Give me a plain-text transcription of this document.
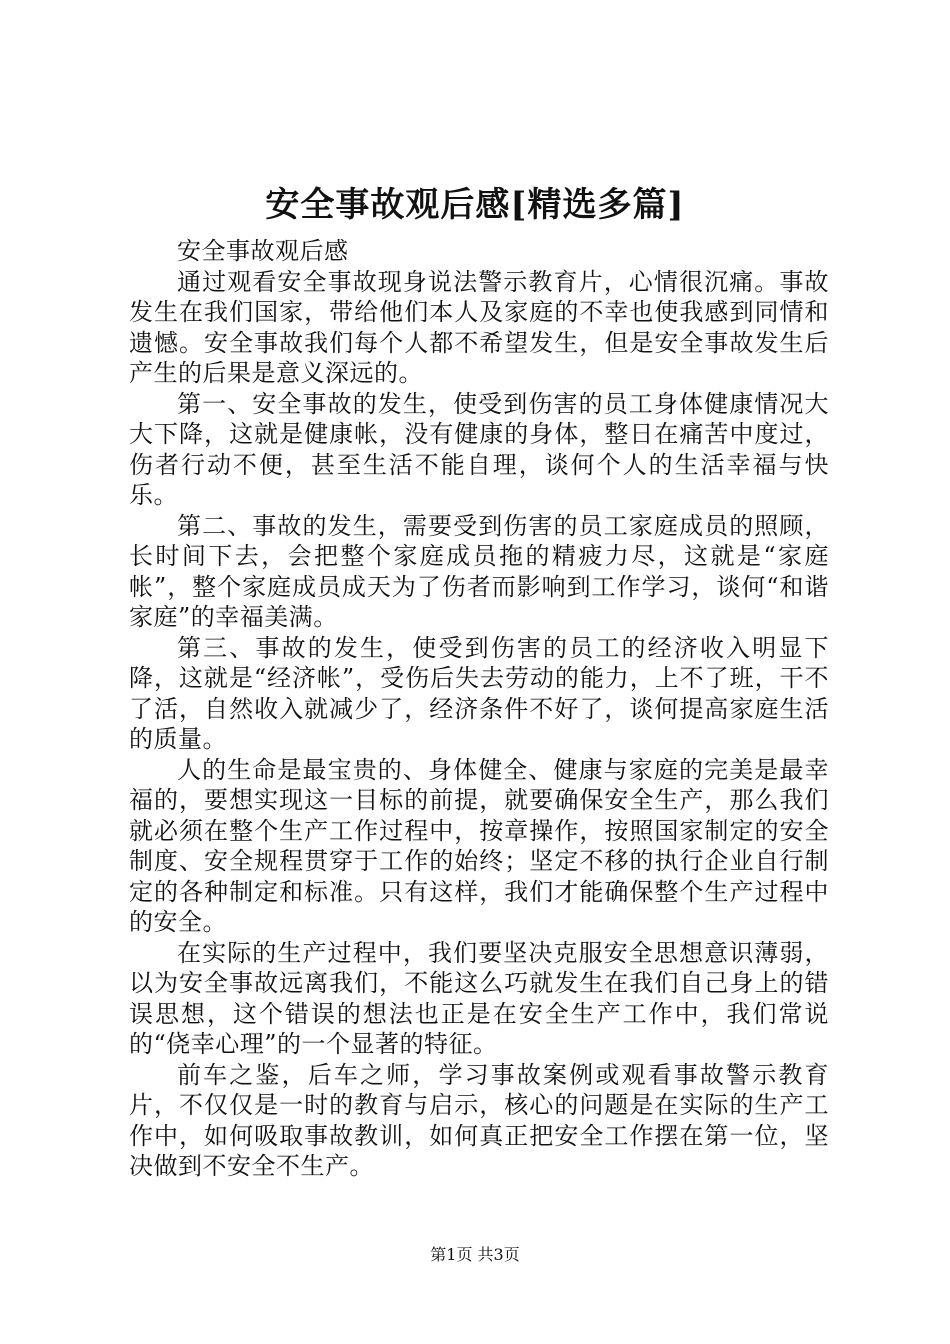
安全事故观后感[精选多篇]

安全事故观后感

通过观看安全事故现身说法警示教育片，心情很沉痛。事故发生在我们国家，带给他们本人及家庭的不幸也使我感到同情和遗憾。安全事故我们每个人都不希望发生，但是安全事故发生后产生的后果是意义深远的。

第一、安全事故的发生，使受到伤害的员工身体健康情况大大下降，这就是健康帐，没有健康的身体，整日在痛苦中度过，伤者行动不便，甚至生活不能自理，谈何个人的生活幸福与快乐。

第二、事故的发生，需要受到伤害的员工家庭成员的照顾，长时间下去，会把整个家庭成员拖的精疲力尽，这就是“家庭帐”，整个家庭成员成天为了伤者而影响到工作学习，谈何“和谐家庭”的幸福美满。

第三、事故的发生，使受到伤害的员工的经济收入明显下降，这就是“经济帐”，受伤后失去劳动的能力，上不了班，干不了活，自然收入就减少了，经济条件不好了，谈何提高家庭生活的质量。

人的生命是最宝贵的、身体健全、健康与家庭的完美是最幸福的，要想实现这一目标的前提，就要确保安全生产，那么我们就必须在整个生产工作过程中，按章操作，按照国家制定的安全制度、安全规程贯穿于工作的始终；坚定不移的执行企业自行制定的各种制定和标准。只有这样，我们才能确保整个生产过程中的安全。

在实际的生产过程中，我们要坚决克服安全思想意识薄弱，以为安全事故远离我们，不能这么巧就发生在我们自己身上的错误思想，这个错误的想法也正是在安全生产工作中，我们常说的“侥幸心理”的一个显著的特征。

前车之鉴，后车之师，学习事故案例或观看事故警示教育片，不仅仅是一时的教育与启示，核心的问题是在实际的生产工作中，如何吸取事故教训，如何真正把安全工作摆在第一位，坚决做到不安全不生产。

第1页 共3页
